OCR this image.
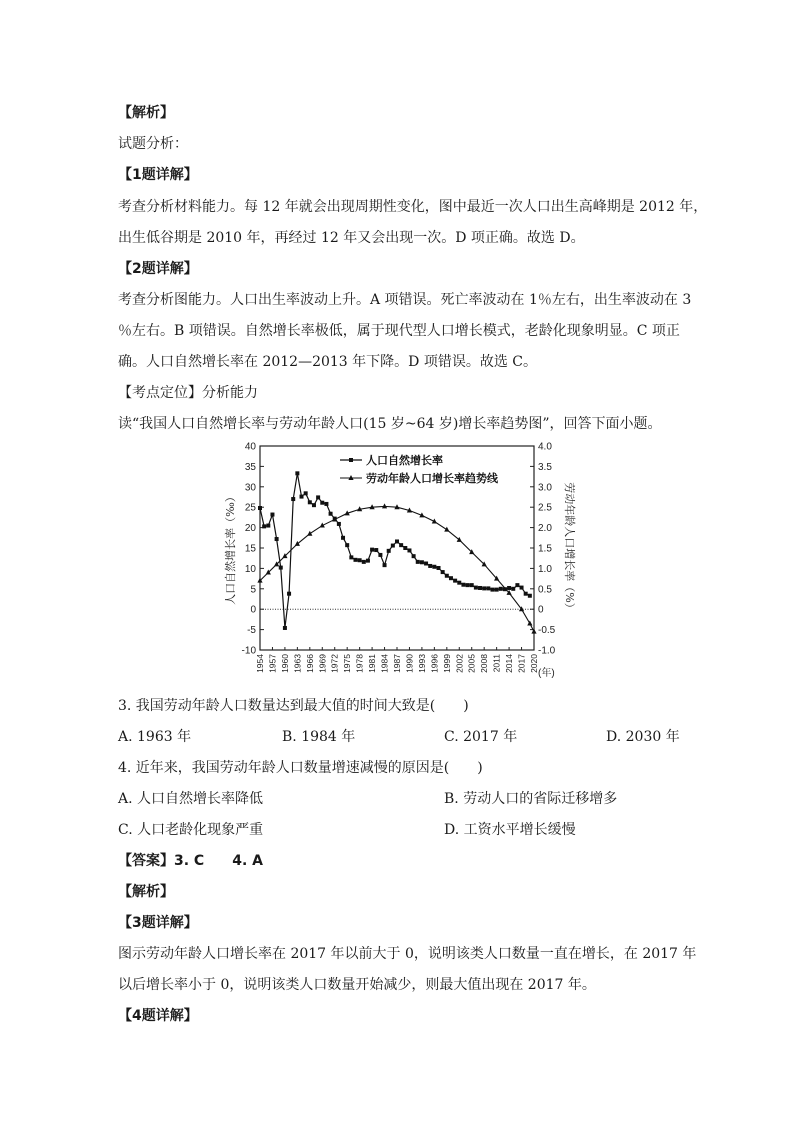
【解析】
试题分析：
【1题详解】
考查分析材料能力。每 12 年就会出现周期性变化，图中最近一次人口出生高峰期是 2012 年，
出生低谷期是 2010 年，再经过 12 年又会出现一次。D 项正确。故选 D。
【2题详解】
考查分析图能力。人口出生率波动上升。A 项错误。死亡率波动在 1％左右，出生率波动在 3
％左右。B 项错误。自然增长率极低，属于现代型人口增长模式，老龄化现象明显。C 项正
确。人口自然增长率在 2012—2013 年下降。D 项错误。故选 C。
【考点定位】分析能力
读“我国人口自然增长率与劳动年龄人口(15 岁~64 岁)增长率趋势图”，回答下面小题。
40
35
30
25
20
15
10
5
0
-5
-10
4.0
3.5
3.0
2.5
2.0
1.5
1.0
0.5
0
-0.5
-1.0
1954 1957 1960 1963 1966 1969 1972 1975 1978 1981 1984 1987 1990 1993 1996 1999 2002 2005 2008 2011 2014 2017 2020
(年)
人口自然增长率（‰）	劳动年龄人口增长率（%）
人口自然增长率
劳动年龄人口增长率趋势线
3. 我国劳动年龄人口数量达到最大值的时间大致是(　　)
A. 1963 年	B. 1984 年	C. 2017 年	D. 2030 年
4. 近年来，我国劳动年龄人口数量增速减慢的原因是(　　)
A. 人口自然增长率降低	B. 劳动人口的省际迁移增多
C. 人口老龄化现象严重	D. 工资水平增长缓慢
【答案】3. C　　4. A
【解析】
【3题详解】
图示劳动年龄人口增长率在 2017 年以前大于 0，说明该类人口数量一直在增长，在 2017 年
以后增长率小于 0，说明该类人口数量开始减少，则最大值出现在 2017 年。
【4题详解】
